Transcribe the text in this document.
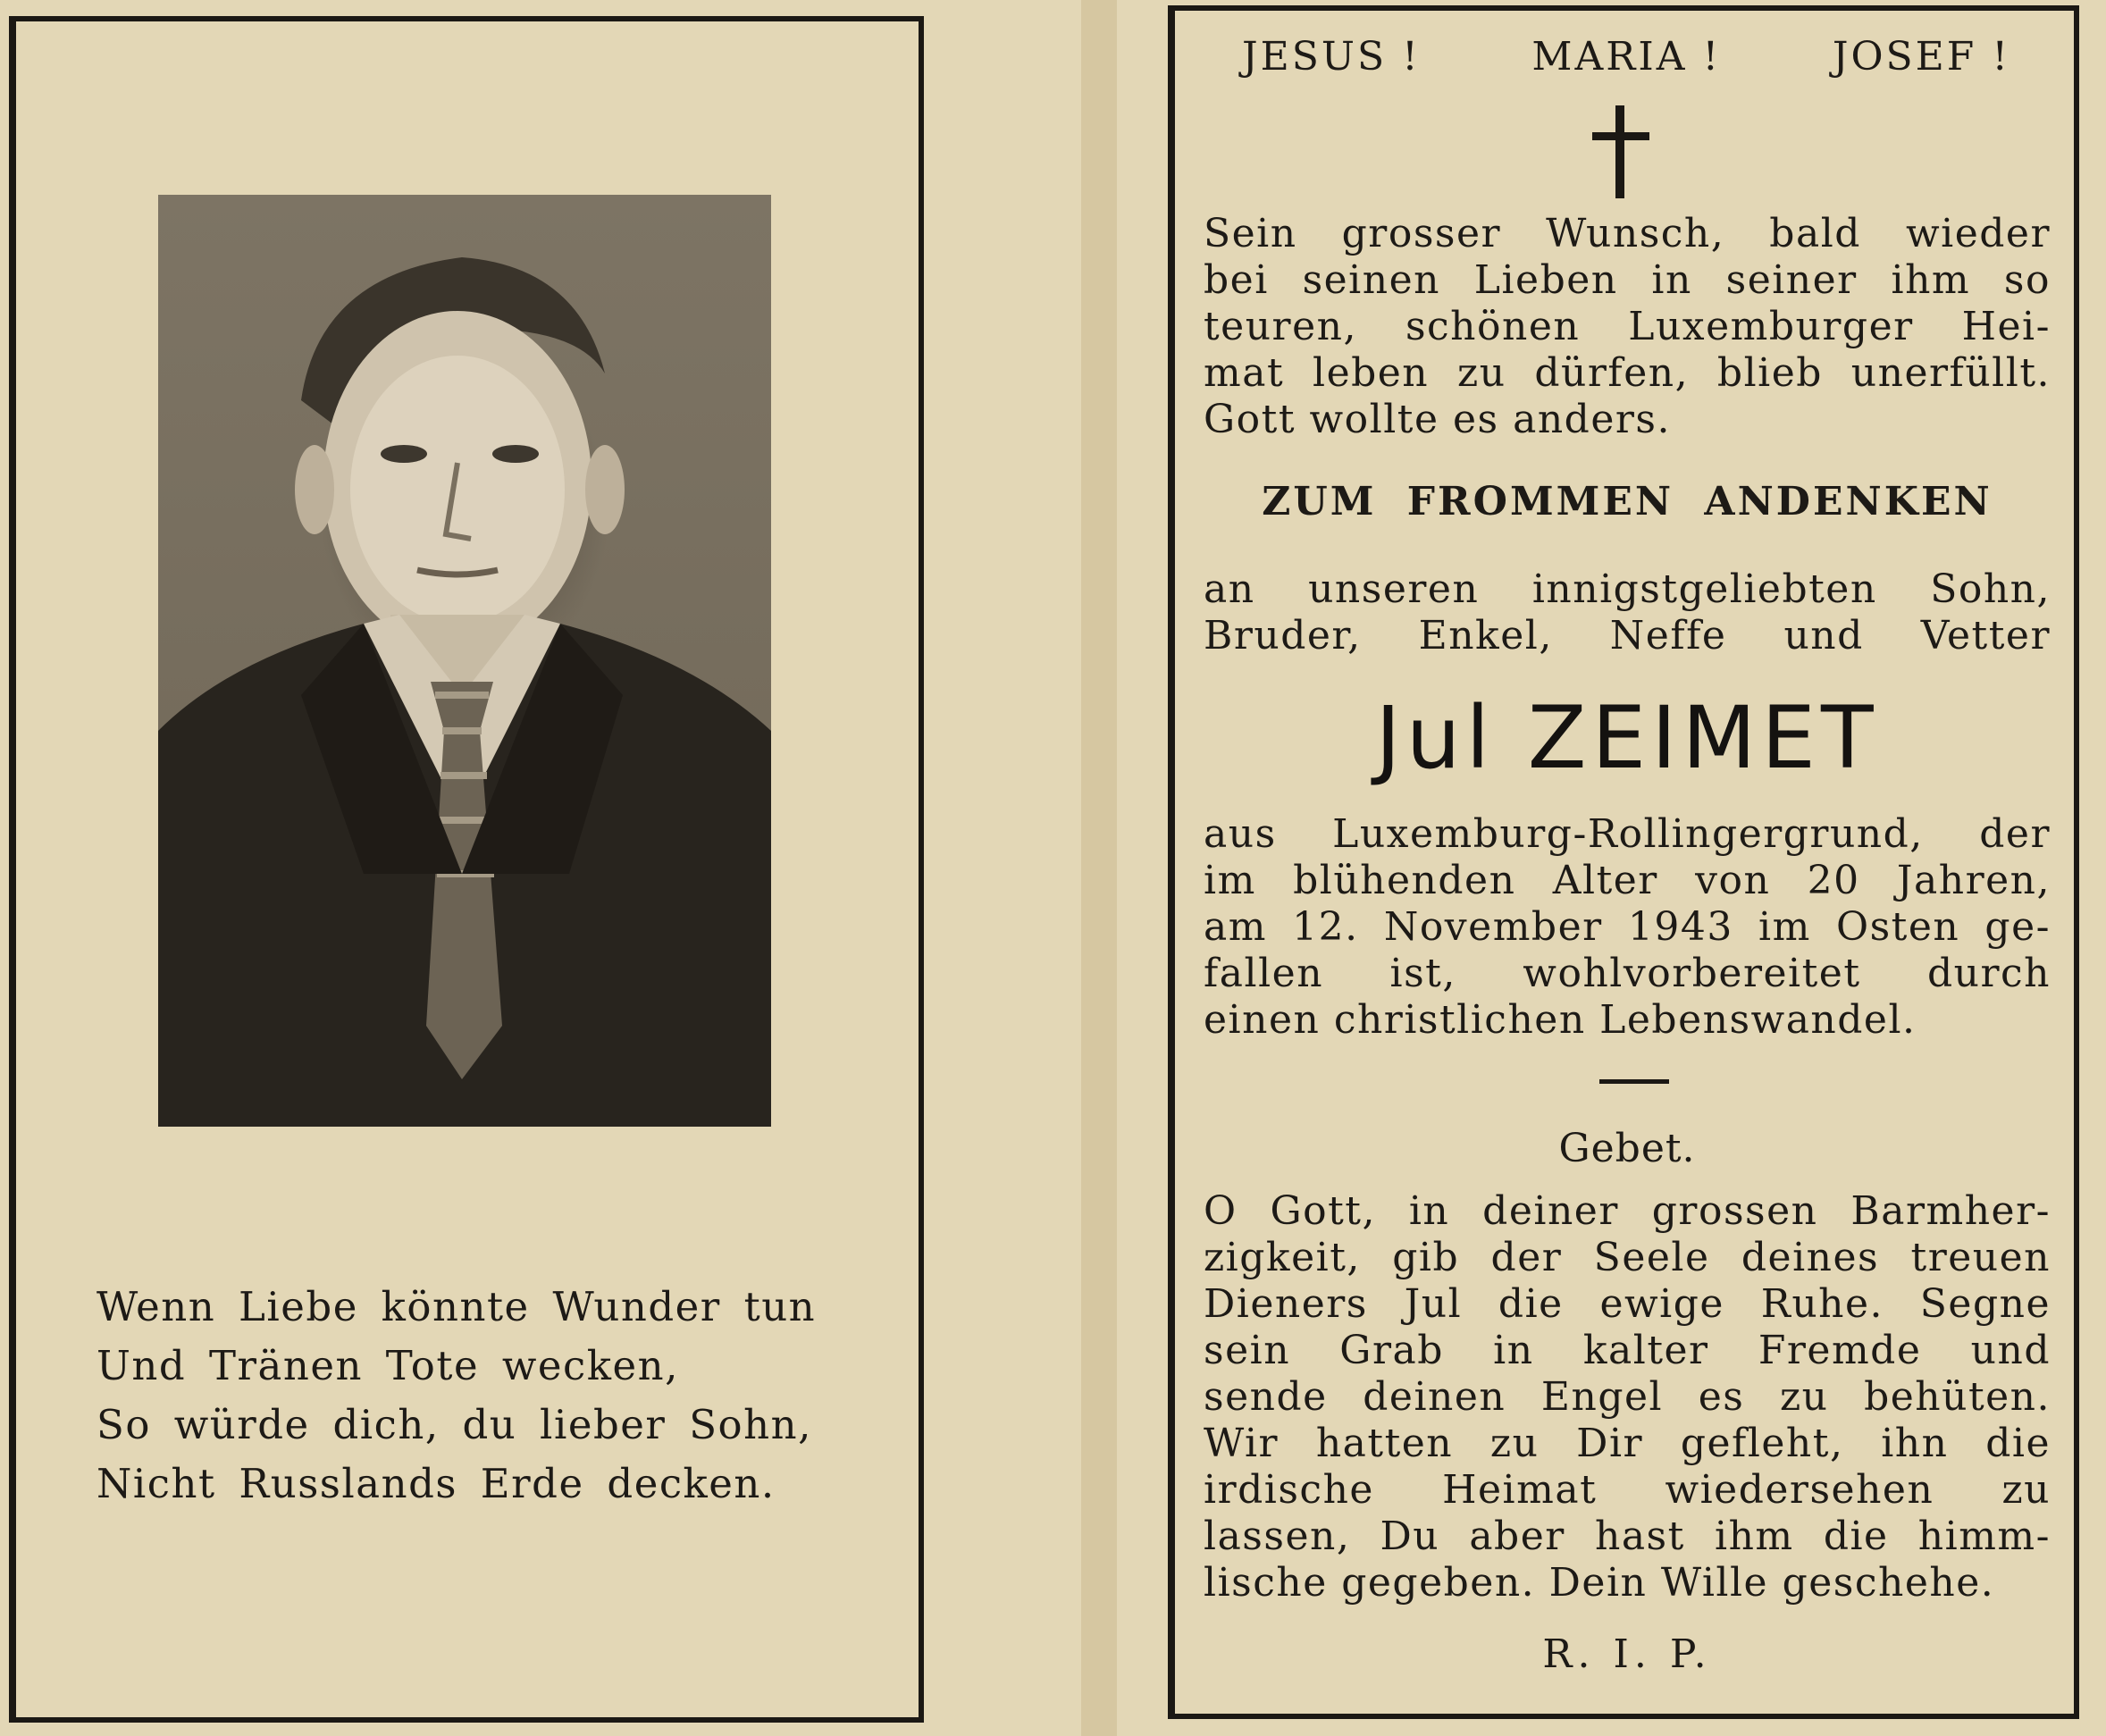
Wenn Liebe könnte Wunder tun
Und Tränen Tote wecken,
So würde dich, du lieber Sohn,
Nicht Russlands Erde decken.
JESUS !	MARIA !	JOSEF !
Sein grosser Wunsch, bald wieder
bei seinen Lieben in seiner ihm so
teuren, schönen Luxemburger Hei-
mat leben zu dürfen, blieb unerfüllt.
Gott wollte es anders.
ZUM FROMMEN ANDENKEN
an unseren innigstgeliebten Sohn,
Bruder, Enkel, Neffe und Vetter
Jul ZEIMET
aus Luxemburg-Rollingergrund, der
im blühenden Alter von 20 Jahren,
am 12. November 1943 im Osten ge-
fallen ist, wohlvorbereitet durch
einen christlichen Lebenswandel.
Gebet.
O Gott, in deiner grossen Barmher-
zigkeit, gib der Seele deines treuen
Dieners Jul die ewige Ruhe. Segne
sein Grab in kalter Fremde und
sende deinen Engel es zu behüten.
Wir hatten zu Dir gefleht, ihn die
irdische Heimat wiedersehen zu
lassen, Du aber hast ihm die himm-
lische gegeben. Dein Wille geschehe.
R. I. P.
